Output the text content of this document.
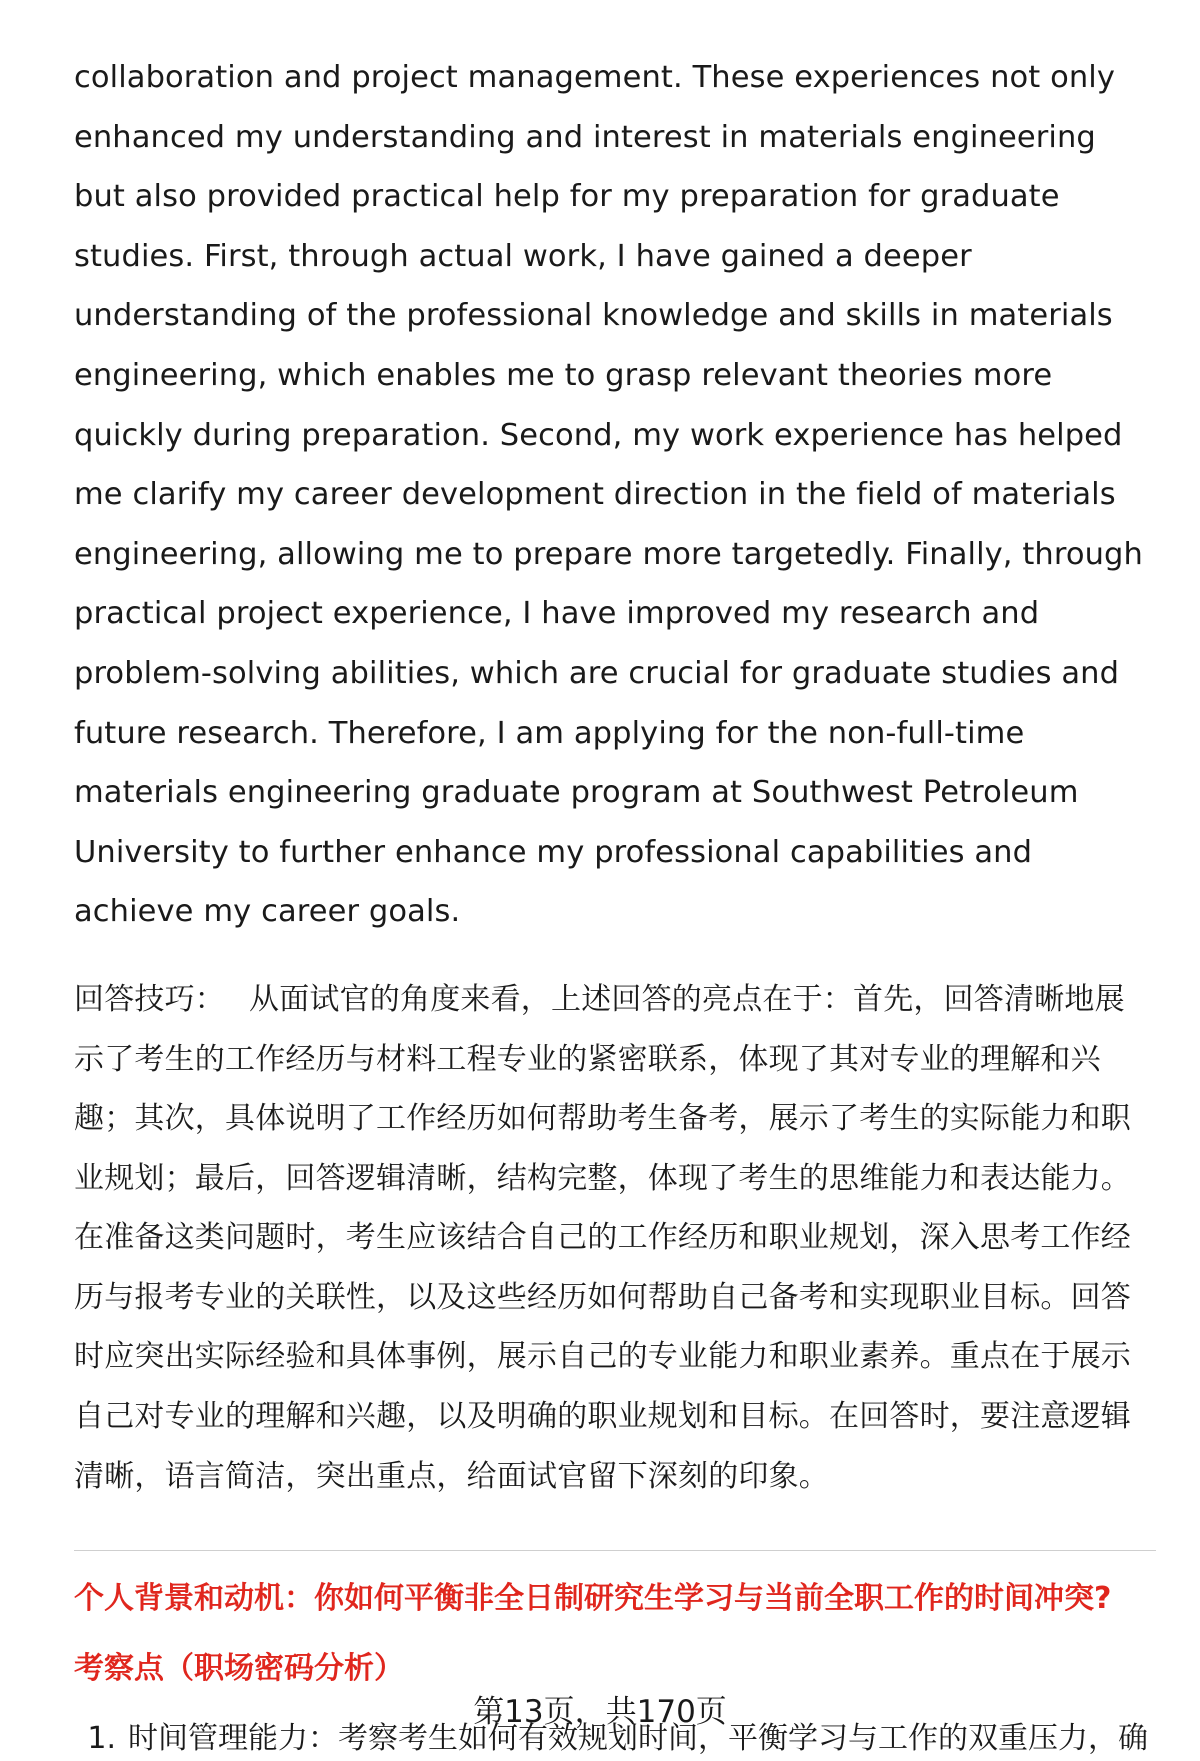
collaboration and project management. These experiences not only enhanced my understanding and interest in materials engineering but also provided practical help for my preparation for graduate studies. First, through actual work, I have gained a deeper understanding of the professional knowledge and skills in materials engineering, which enables me to grasp relevant theories more quickly during preparation. Second, my work experience has helped me clarify my career development direction in the field of materials engineering, allowing me to prepare more targetedly. Finally, through practical project experience, I have improved my research and problem-solving abilities, which are crucial for graduate studies and future research. Therefore, I am applying for the non-full-time materials engineering graduate program at Southwest Petroleum University to further enhance my professional capabilities and achieve my career goals.

回答技巧： 从面试官的角度来看，上述回答的亮点在于：首先，回答清晰地展示了考生的工作经历与材料工程专业的紧密联系，体现了其对专业的理解和兴趣；其次，具体说明了工作经历如何帮助考生备考，展示了考生的实际能力和职业规划；最后，回答逻辑清晰，结构完整，体现了考生的思维能力和表达能力。在准备这类问题时，考生应该结合自己的工作经历和职业规划，深入思考工作经历与报考专业的关联性，以及这些经历如何帮助自己备考和实现职业目标。回答时应突出实际经验和具体事例，展示自己的专业能力和职业素养。重点在于展示自己对专业的理解和兴趣，以及明确的职业规划和目标。在回答时，要注意逻辑清晰，语言简洁，突出重点，给面试官留下深刻的印象。
个人背景和动机：你如何平衡非全日制研究生学习与当前全职工作的时间冲突?
考察点（职场密码分析）
1. 时间管理能力：考察考生如何有效规划时间，平衡学习与工作的双重压力，确
第13页，共170页
